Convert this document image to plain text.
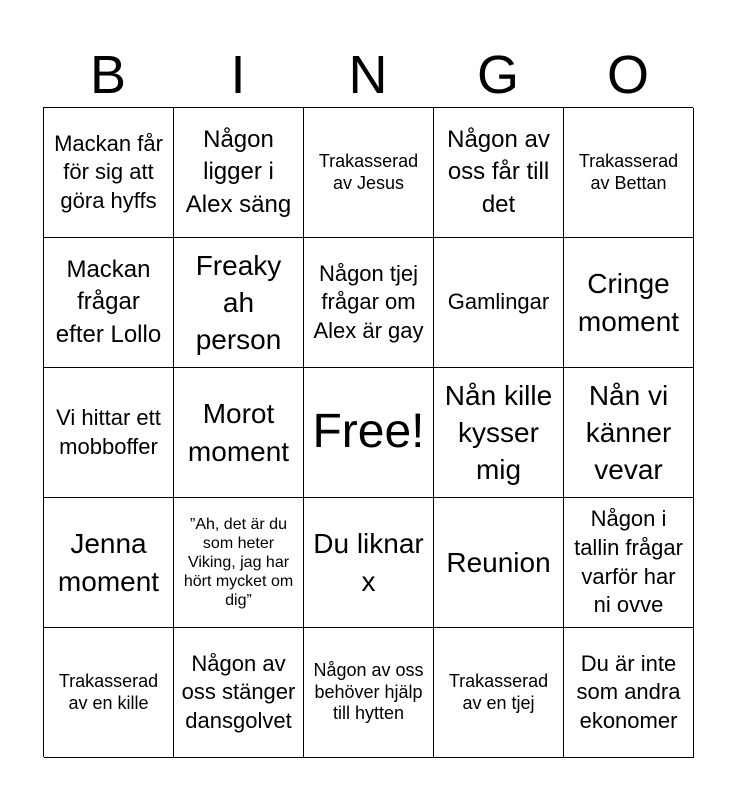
B	I	N	G	O
Mackan får för sig att göra hyffs
Någon ligger i Alex säng
Trakasserad av Jesus
Någon av oss får till det
Trakasserad av Bettan
Mackan frågar efter Lollo
Freaky ah person
Någon tjej frågar om Alex är gay
Gamlingar
Cringe moment
Vi hittar ett mobboffer
Morot moment Free!
Nån kille kysser mig
Nån vi känner vevar
Jenna moment
”Ah, det är du som heter Viking, jag har hört mycket om dig”
Du liknar x
Reunion
Någon i tallin frågar varför har ni ovve
Trakasserad av en kille
Någon av oss stänger dansgolvet
Någon av oss behöver hjälp till hytten
Trakasserad av en tjej
Du är inte som andra ekonomer
